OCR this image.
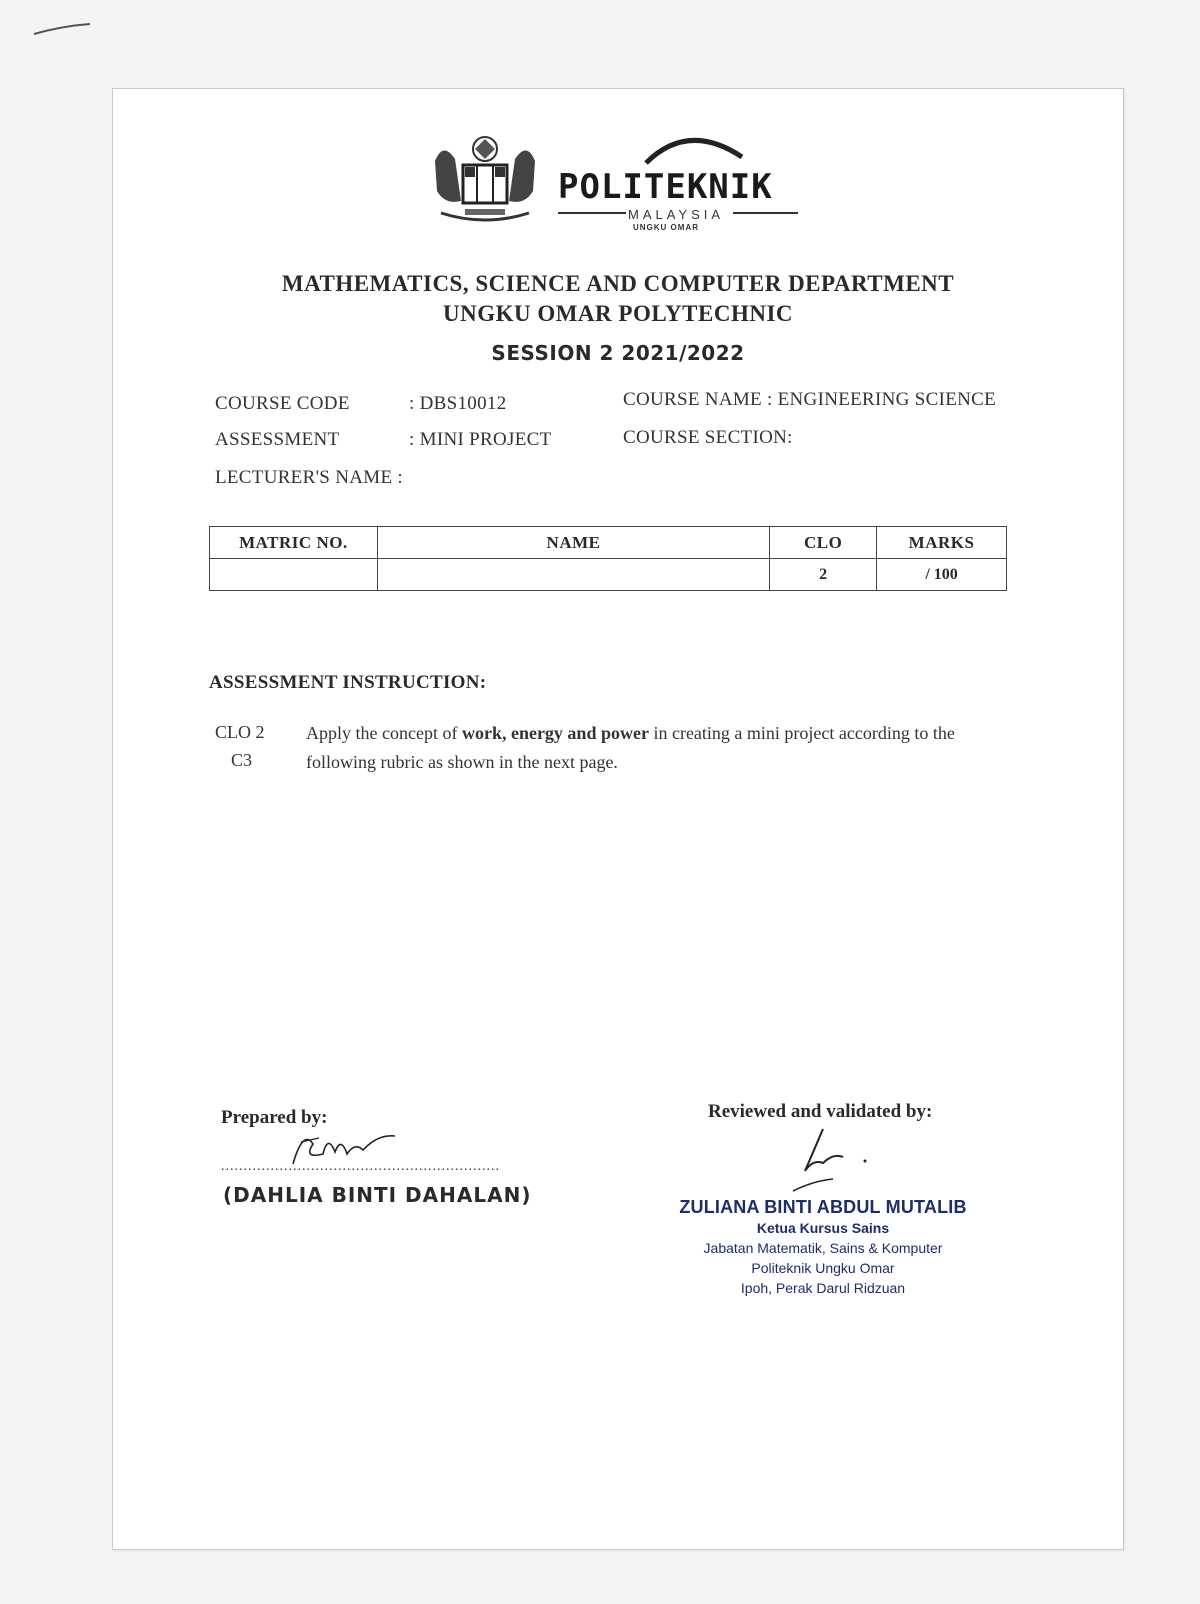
POLITEKNIK
MALAYSIA
UNGKU OMAR
MATHEMATICS, SCIENCE AND COMPUTER DEPARTMENT
UNGKU OMAR POLYTECHNIC
SESSION 2 2021/2022
COURSE CODE	: DBS10012	COURSE NAME : ENGINEERING SCIENCE
ASSESSMENT	: MINI PROJECT	COURSE SECTION:
LECTURER'S NAME :
MATRIC NO.	NAME	CLO	MARKS
		2	/ 100
ASSESSMENT INSTRUCTION:
CLO 2
C3
Apply the concept of work, energy and power in creating a mini project according to the following rubric as shown in the next page.
Prepared by:
..............................................................
(DAHLIA BINTI DAHALAN)
Reviewed and validated by:
ZULIANA BINTI ABDUL MUTALIB
Ketua Kursus Sains
Jabatan Matematik, Sains & Komputer
Politeknik Ungku Omar
Ipoh, Perak Darul Ridzuan
